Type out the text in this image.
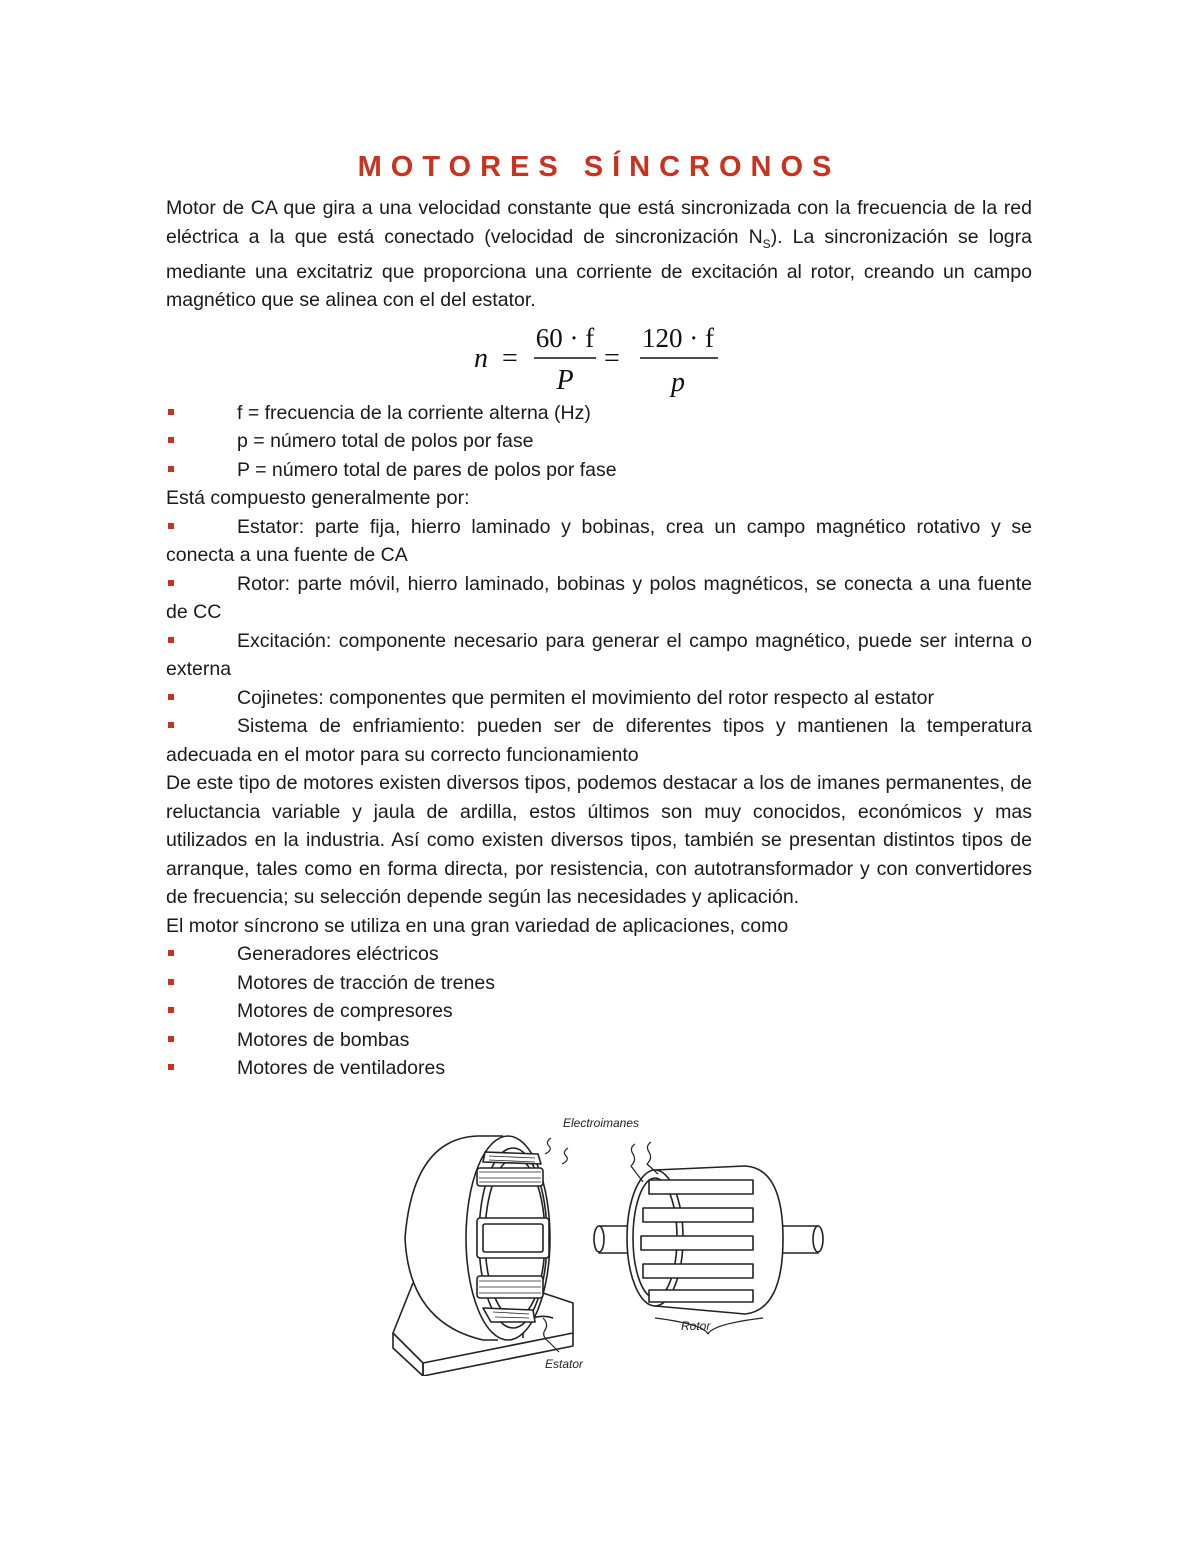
MOTORES SÍNCRONOS

Motor de CA que gira a una velocidad constante que está sincronizada con la frecuencia de la red eléctrica a la que está conectado (velocidad de sincronización $N_S$). La sincronización se logra mediante una excitatriz que proporciona una corriente de excitación al rotor, creando un campo magnético que se alinea con el del estator.

n =
60 · f
P
=
120 · f
p
f = frecuencia de la corriente alterna (Hz)
p = número total de polos por fase
P = número total de pares de polos por fase

Está compuesto generalmente por:

Estator: parte fija, hierro laminado y bobinas, crea un campo magnético rotativo y se conecta a una fuente de CA
Rotor: parte móvil, hierro laminado, bobinas y polos magnéticos, se conecta a una fuente de CC
Excitación: componente necesario para generar el campo magnético, puede ser interna o externa
Cojinetes: componentes que permiten el movimiento del rotor respecto al estator
Sistema de enfriamiento: pueden ser de diferentes tipos y mantienen la temperatura adecuada en el motor para su correcto funcionamiento

De este tipo de motores existen diversos tipos, podemos destacar a los de imanes permanentes, de reluctancia variable y jaula de ardilla, estos últimos son muy conocidos, económicos y mas utilizados en la industria. Así como existen diversos tipos, también se presentan distintos tipos de arranque, tales como en forma directa, por resistencia, con autotransformador y con convertidores de frecuencia; su selección depende según las necesidades y aplicación.

El motor síncrono se utiliza en una gran variedad de aplicaciones, como

Generadores eléctricos
Motores de tracción de trenes
Motores de compresores
Motores de bombas
Motores de ventiladores
Electroimanes
Rotor
Estator
